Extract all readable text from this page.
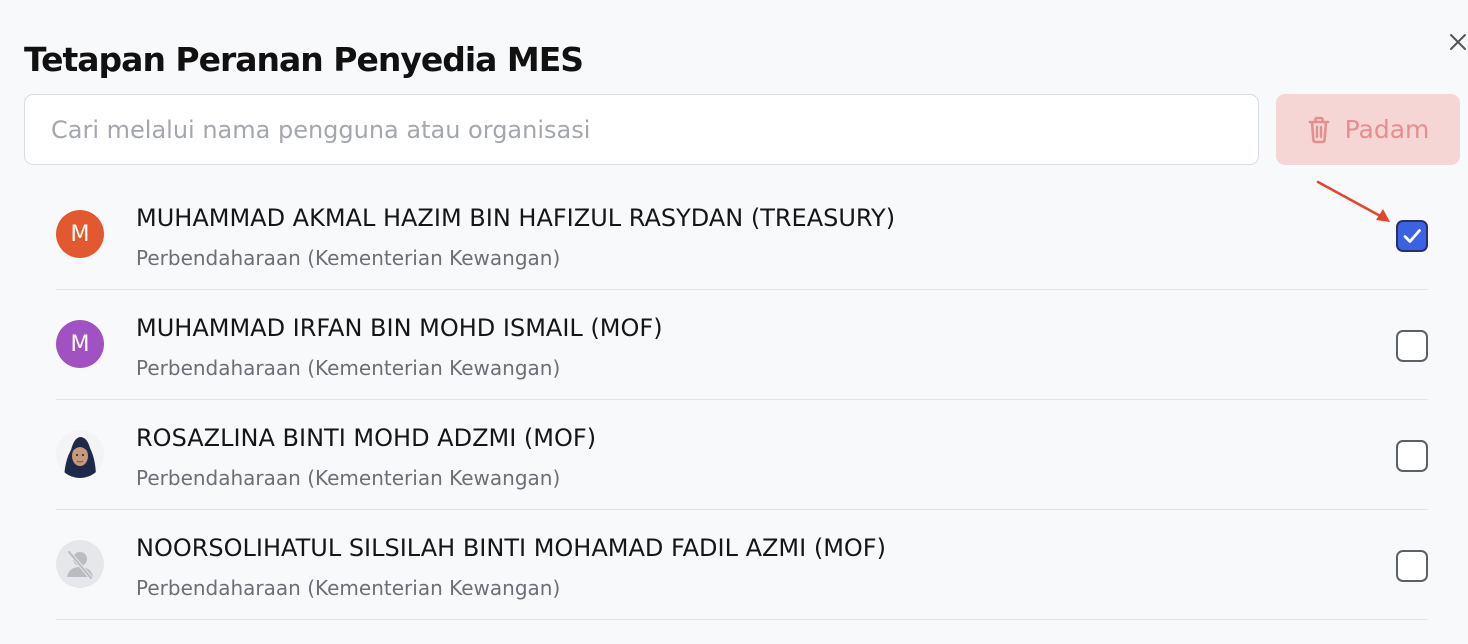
Tetapan Peranan Penyedia MES
Cari melalui nama pengguna atau organisasi
Padam
M
MUHAMMAD AKMAL HAZIM BIN HAFIZUL RASYDAN (TREASURY)
Perbendaharaan (Kementerian Kewangan)
M
MUHAMMAD IRFAN BIN MOHD ISMAIL (MOF)
Perbendaharaan (Kementerian Kewangan)
ROSAZLINA BINTI MOHD ADZMI (MOF)
Perbendaharaan (Kementerian Kewangan)
NOORSOLIHATUL SILSILAH BINTI MOHAMAD FADIL AZMI (MOF)
Perbendaharaan (Kementerian Kewangan)
